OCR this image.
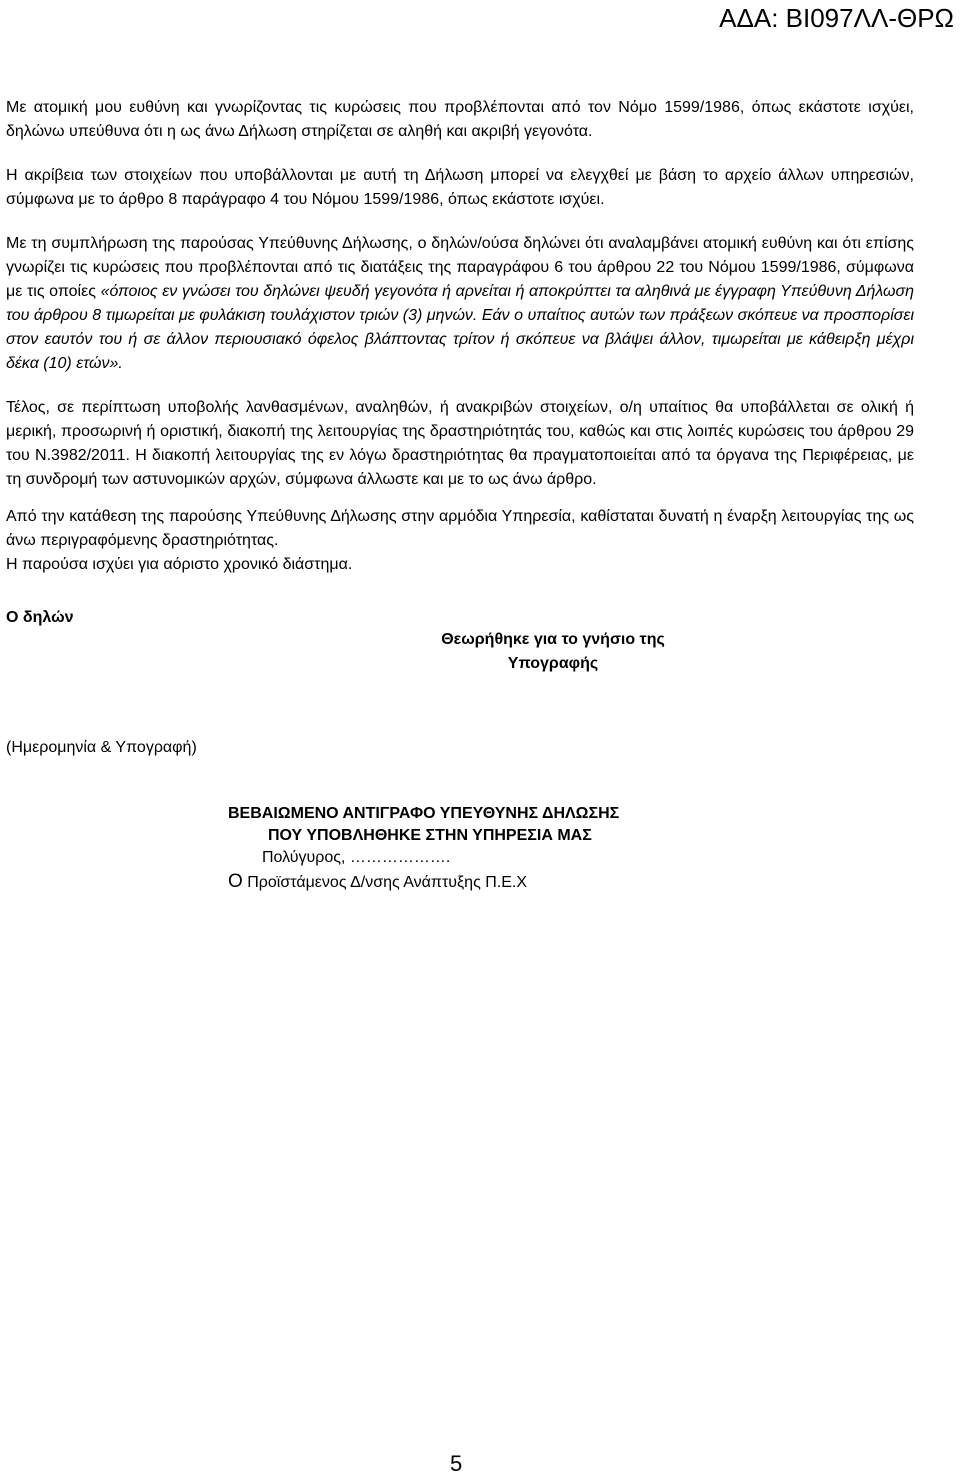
ΑΔΑ: ΒΙ097ΛΛ-ΘΡΩ

Με ατομική μου ευθύνη και γνωρίζοντας τις κυρώσεις που προβλέπονται από τον Νόμο 1599/1986, όπως εκάστοτε ισχύει, δηλώνω υπεύθυνα ότι η ως άνω Δήλωση στηρίζεται σε αληθή και ακριβή γεγονότα.

Η ακρίβεια των στοιχείων που υποβάλλονται με αυτή τη Δήλωση μπορεί να ελεγχθεί με βάση το αρχείο άλλων υπηρεσιών, σύμφωνα με το άρθρο 8 παράγραφο 4 του Νόμου 1599/1986, όπως εκάστοτε ισχύει.

Με τη συμπλήρωση της παρούσας Υπεύθυνης Δήλωσης, ο δηλών/ούσα δηλώνει ότι αναλαμβάνει ατομική ευθύνη και ότι επίσης γνωρίζει τις κυρώσεις που προβλέπονται από τις διατάξεις της παραγράφου 6 του άρθρου 22 του Νόμου 1599/1986, σύμφωνα με τις οποίες «όποιος εν γνώσει του δηλώνει ψευδή γεγονότα ή αρνείται ή αποκρύπτει τα αληθινά με έγγραφη Υπεύθυνη Δήλωση του άρθρου 8 τιμωρείται με φυλάκιση τουλάχιστον τριών (3) μηνών. Εάν ο υπαίτιος αυτών των πράξεων σκόπευε να προσπορίσει στον εαυτόν του ή σε άλλον περιουσιακό όφελος βλάπτοντας τρίτον ή σκόπευε να βλάψει άλλον, τιμωρείται με κάθειρξη μέχρι δέκα (10) ετών».

Τέλος, σε περίπτωση υποβολής λανθασμένων, αναληθών, ή ανακριβών στοιχείων, ο/η υπαίτιος θα υποβάλλεται σε ολική ή μερική, προσωρινή ή οριστική, διακοπή της λειτουργίας της δραστηριότητάς του, καθώς και στις λοιπές κυρώσεις του άρθρου 29 του Ν.3982/2011. Η διακοπή λειτουργίας της εν λόγω δραστηριότητας θα πραγματοποιείται από τα όργανα της Περιφέρειας, με τη συνδρομή των αστυνομικών αρχών, σύμφωνα άλλωστε και με το ως άνω άρθρο.

Από την κατάθεση της παρούσης Υπεύθυνης Δήλωσης στην αρμόδια Υπηρεσία, καθίσταται δυνατή η έναρξη λειτουργίας της ως άνω περιγραφόμενης δραστηριότητας.

Η παρούσα ισχύει για αόριστο χρονικό διάστημα.

Ο δηλών
Θεωρήθηκε για το γνήσιο της
Υπογραφής
(Ημερομηνία & Υπογραφή)
ΒΕΒΑΙΩΜΕΝΟ ΑΝΤΙΓΡΑΦΟ ΥΠΕΥΘΥΝΗΣ ΔΗΛΩΣΗΣ
ΠΟΥ ΥΠΟΒΛΗΘΗΚΕ ΣΤΗΝ ΥΠΗΡΕΣΙΑ ΜΑΣ
Πολύγυρος, ……………….
Ο Προϊστάμενος Δ/νσης Ανάπτυξης Π.Ε.Χ
5
